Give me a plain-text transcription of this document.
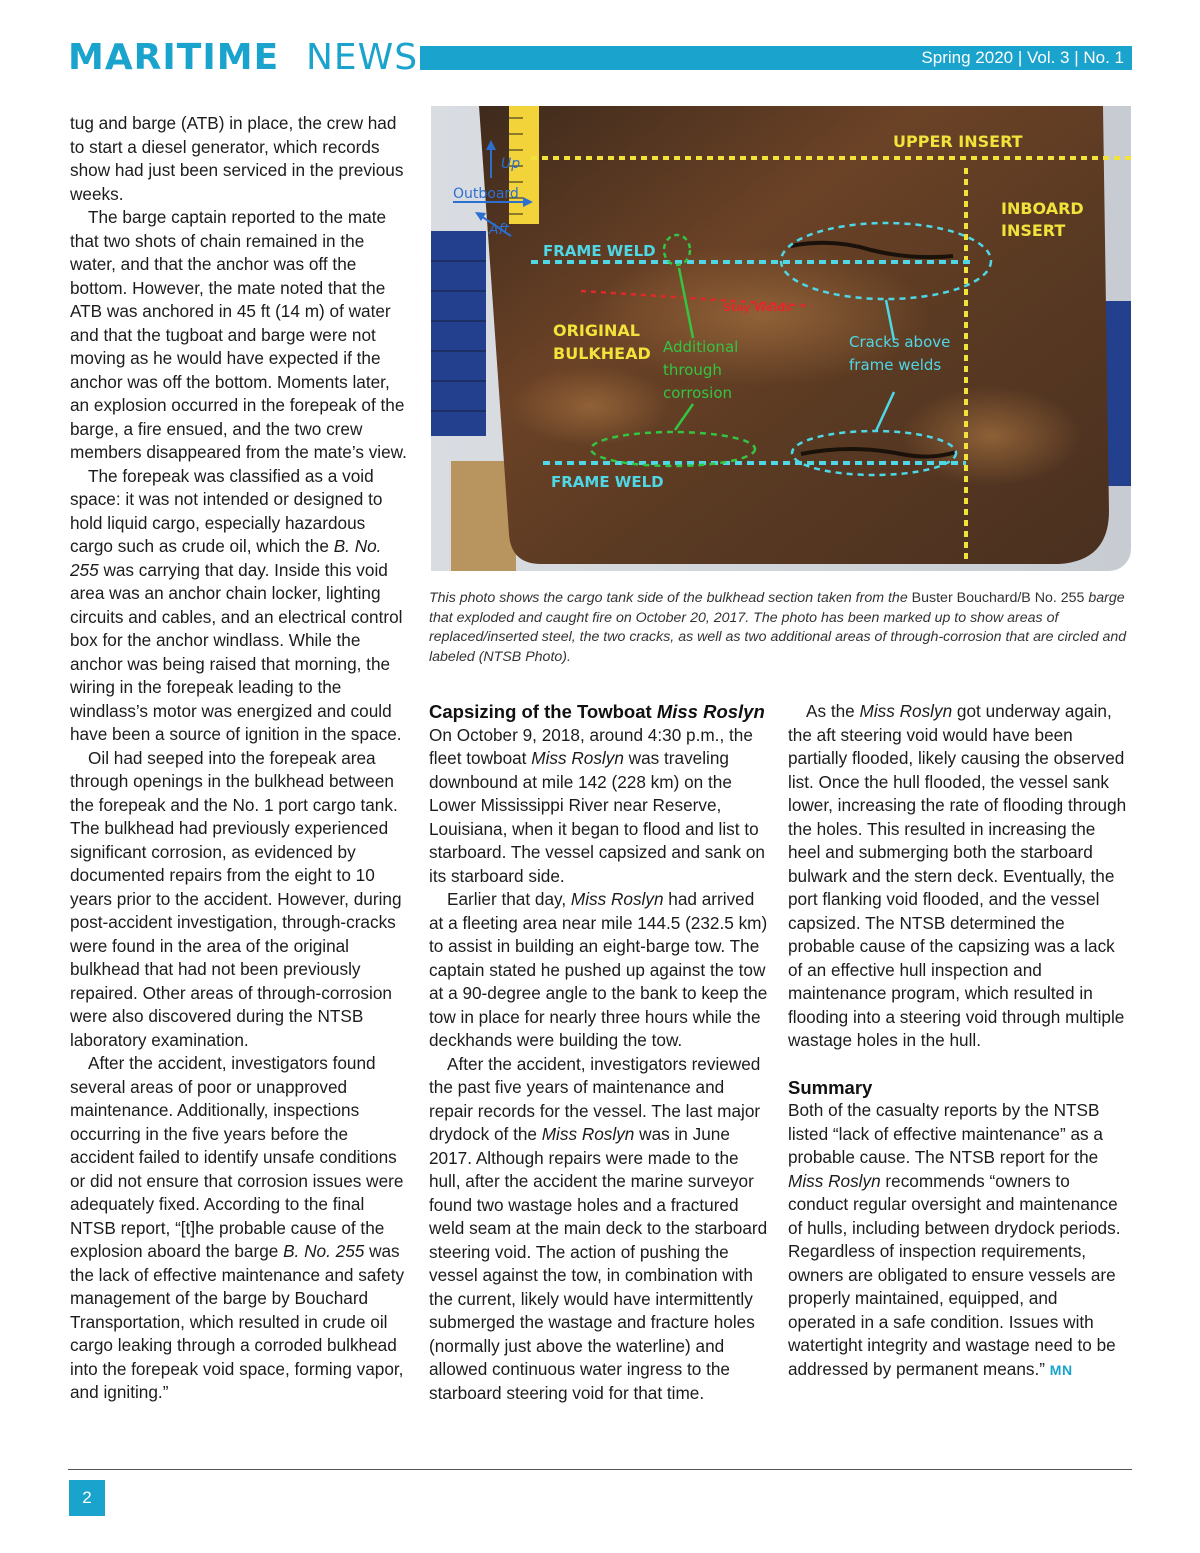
MARITIME NEWS	Spring 2020 | Vol. 3 | No. 1

tug and barge (ATB) in place, the crew had to start a diesel generator, which records show had just been serviced in the previous weeks.

The barge captain reported to the mate that two shots of chain remained in the water, and that the anchor was off the bottom. However, the mate noted that the ATB was anchored in 45 ft (14 m) of water and that the tugboat and barge were not moving as he would have expected if the anchor was off the bottom. Moments later, an explosion occurred in the forepeak of the barge, a fire ensued, and the two crew members disappeared from the mate’s view.

The forepeak was classified as a void space: it was not intended or designed to hold liquid cargo, especially hazardous cargo such as crude oil, which the B. No. 255 was carrying that day. Inside this void area was an anchor chain locker, lighting circuits and cables, and an electrical control box for the anchor windlass. While the anchor was being raised that morning, the wiring in the forepeak leading to the windlass’s motor was energized and could have been a source of ignition in the space.

Oil had seeped into the forepeak area through openings in the bulkhead between the forepeak and the No. 1 port cargo tank. The bulkhead had previously experienced significant corrosion, as evidenced by documented repairs from the eight to 10 years prior to the accident. However, during post-accident investigation, through-cracks were found in the area of the original bulkhead that had not been previously repaired. Other areas of through-corrosion were also discovered during the NTSB laboratory examination.

After the accident, investigators found several areas of poor or unapproved maintenance. Additionally, inspections occurring in the five years before the accident failed to identify unsafe conditions or did not ensure that corrosion issues were adequately fixed. According to the final NTSB report, “[t]he probable cause of the explosion aboard the barge B. No. 255 was the lack of effective maintenance and safety management of the barge by Bouchard Transportation, which resulted in crude oil cargo leaking through a corroded bulkhead into the forepeak void space, forming vapor, and igniting.”

Up
Outboard
Aft
UPPER INSERT
INBOARD
INSERT
FRAME WELD
FRAME WELD
Stay Welds
ORIGINAL
BULKHEAD Additional
through
corrosion
Cracks above
frame welds
This photo shows the cargo tank side of the bulkhead section taken from the Buster Bouchard/B No. 255 barge that exploded and caught fire on October 20, 2017. The photo has been marked up to show areas of replaced/inserted steel, the two cracks, as well as two additional areas of through-corrosion that are circled and labeled (NTSB Photo).
Capsizing of the Towboat Miss Roslyn

On October 9, 2018, around 4:30 p.m., the fleet towboat Miss Roslyn was traveling downbound at mile 142 (228 km) on the Lower Mississippi River near Reserve, Louisiana, when it began to flood and list to starboard. The vessel capsized and sank on its starboard side.

Earlier that day, Miss Roslyn had arrived at a fleeting area near mile 144.5 (232.5 km) to assist in building an eight-barge tow. The captain stated he pushed up against the tow at a 90-degree angle to the bank to keep the tow in place for nearly three hours while the deckhands were building the tow.

After the accident, investigators reviewed the past five years of maintenance and repair records for the vessel. The last major drydock of the Miss Roslyn was in June 2017. Although repairs were made to the hull, after the accident the marine surveyor found two wastage holes and a fractured weld seam at the main deck to the starboard steering void. The action of pushing the vessel against the tow, in combination with the current, likely would have intermittently submerged the wastage and fracture holes (normally just above the waterline) and allowed continuous water ingress to the starboard steering void for that time.

As the Miss Roslyn got underway again, the aft steering void would have been partially flooded, likely causing the observed list. Once the hull flooded, the vessel sank lower, increasing the rate of flooding through the holes. This resulted in increasing the heel and submerging both the starboard bulwark and the stern deck. Eventually, the port flanking void flooded, and the vessel capsized. The NTSB determined the probable cause of the capsizing was a lack of an effective hull inspection and maintenance program, which resulted in flooding into a steering void through multiple wastage holes in the hull.

Summary

Both of the casualty reports by the NTSB listed “lack of effective maintenance” as a probable cause. The NTSB report for the Miss Roslyn recommends “owners to conduct regular oversight and maintenance of hulls, including between drydock periods. Regardless of inspection requirements, owners are obligated to ensure vessels are properly maintained, equipped, and operated in a safe condition. Issues with watertight integrity and wastage need to be addressed by permanent means.” MN

2
